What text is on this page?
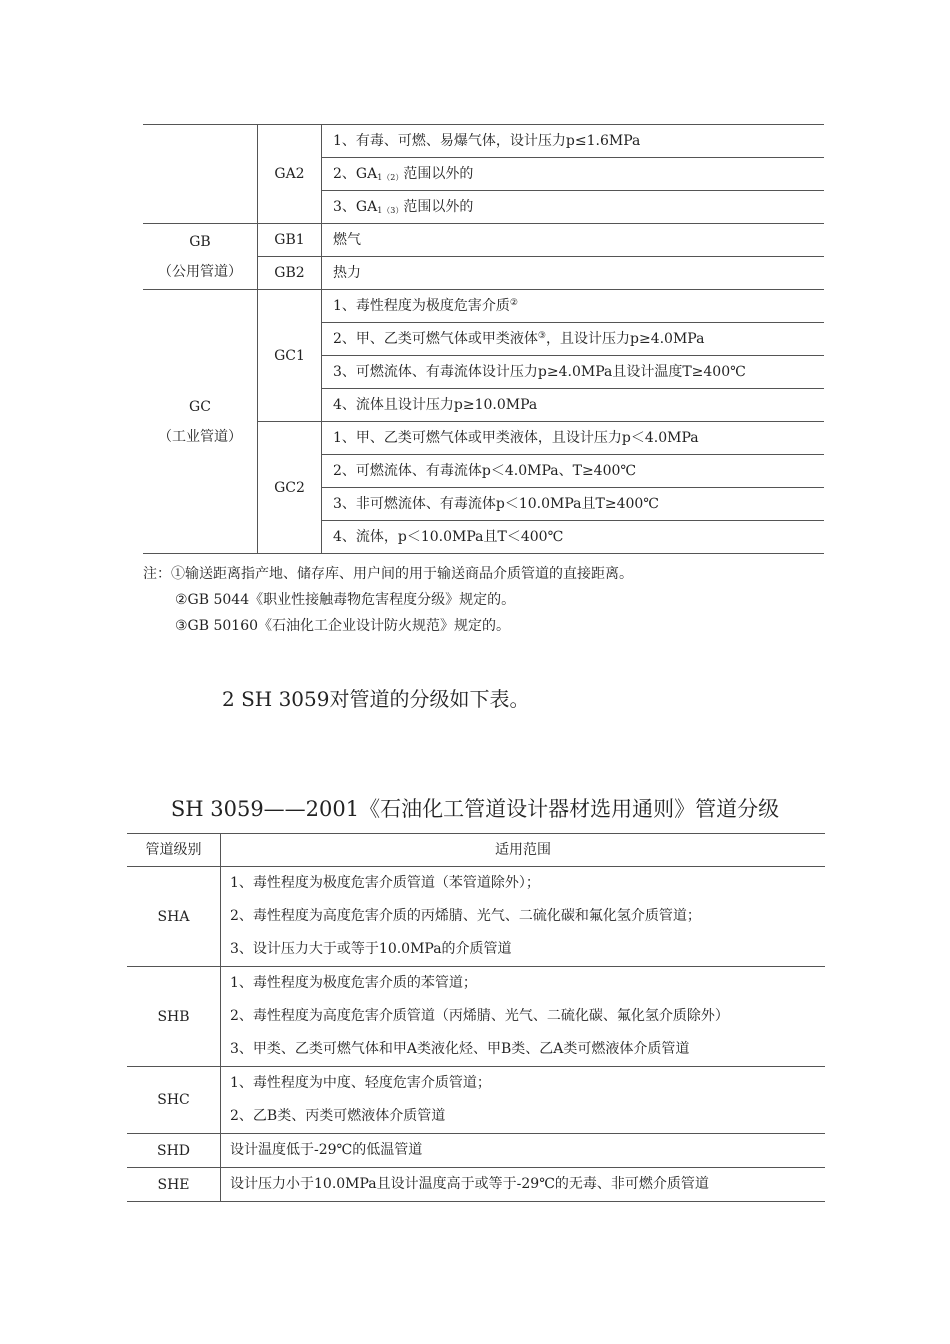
	GA2	1、有毒、可燃、易爆气体，设计压力p≤1.6MPa
		2、$GA_{1(2)}$范围以外的
		3、$GA_{1(3)}$范围以外的
GB
（公用管道）	GB1	燃气
	GB2	热力
GC
（工业管道）	GC1	1、毒性程度为极度危害介质②
		2、甲、乙类可燃气体或甲类液体③，且设计压力p≥4.0MPa
		3、可燃流体、有毒流体设计压力p≥4.0MPa且设计温度T≥400℃
		4、流体且设计压力p≥10.0MPa
	GC2	1、甲、乙类可燃气体或甲类液体，且设计压力p＜4.0MPa
		2、可燃流体、有毒流体p＜4.0MPa、T≥400℃
		3、非可燃流体、有毒流体p＜10.0MPa且T≥400℃
		4、流体，p＜10.0MPa且T＜400℃
注：①输送距离指产地、储存库、用户间的用于输送商品介质管道的直接距离。
②GB 5044《职业性接触毒物危害程度分级》规定的。
③GB 50160《石油化工企业设计防火规范》规定的。
2 SH 3059对管道的分级如下表。
SH 3059——2001《石油化工管道设计器材选用通则》管道分级
管道级别	适用范围
SHA	1、毒性程度为极度危害介质管道（苯管道除外）；
2、毒性程度为高度危害介质的丙烯腈、光气、二硫化碳和氟化氢介质管道；
3、设计压力大于或等于10.0MPa的介质管道

SHB	1、毒性程度为极度危害介质的苯管道；
2、毒性程度为高度危害介质管道（丙烯腈、光气、二硫化碳、氟化氢介质除外）
3、甲类、乙类可燃气体和甲A类液化烃、甲B类、乙A类可燃液体介质管道

SHC	1、毒性程度为中度、轻度危害介质管道；
2、乙B类、丙类可燃液体介质管道

SHD	设计温度低于-29℃的低温管道

SHE	设计压力小于10.0MPa且设计温度高于或等于-29℃的无毒、非可燃介质管道
